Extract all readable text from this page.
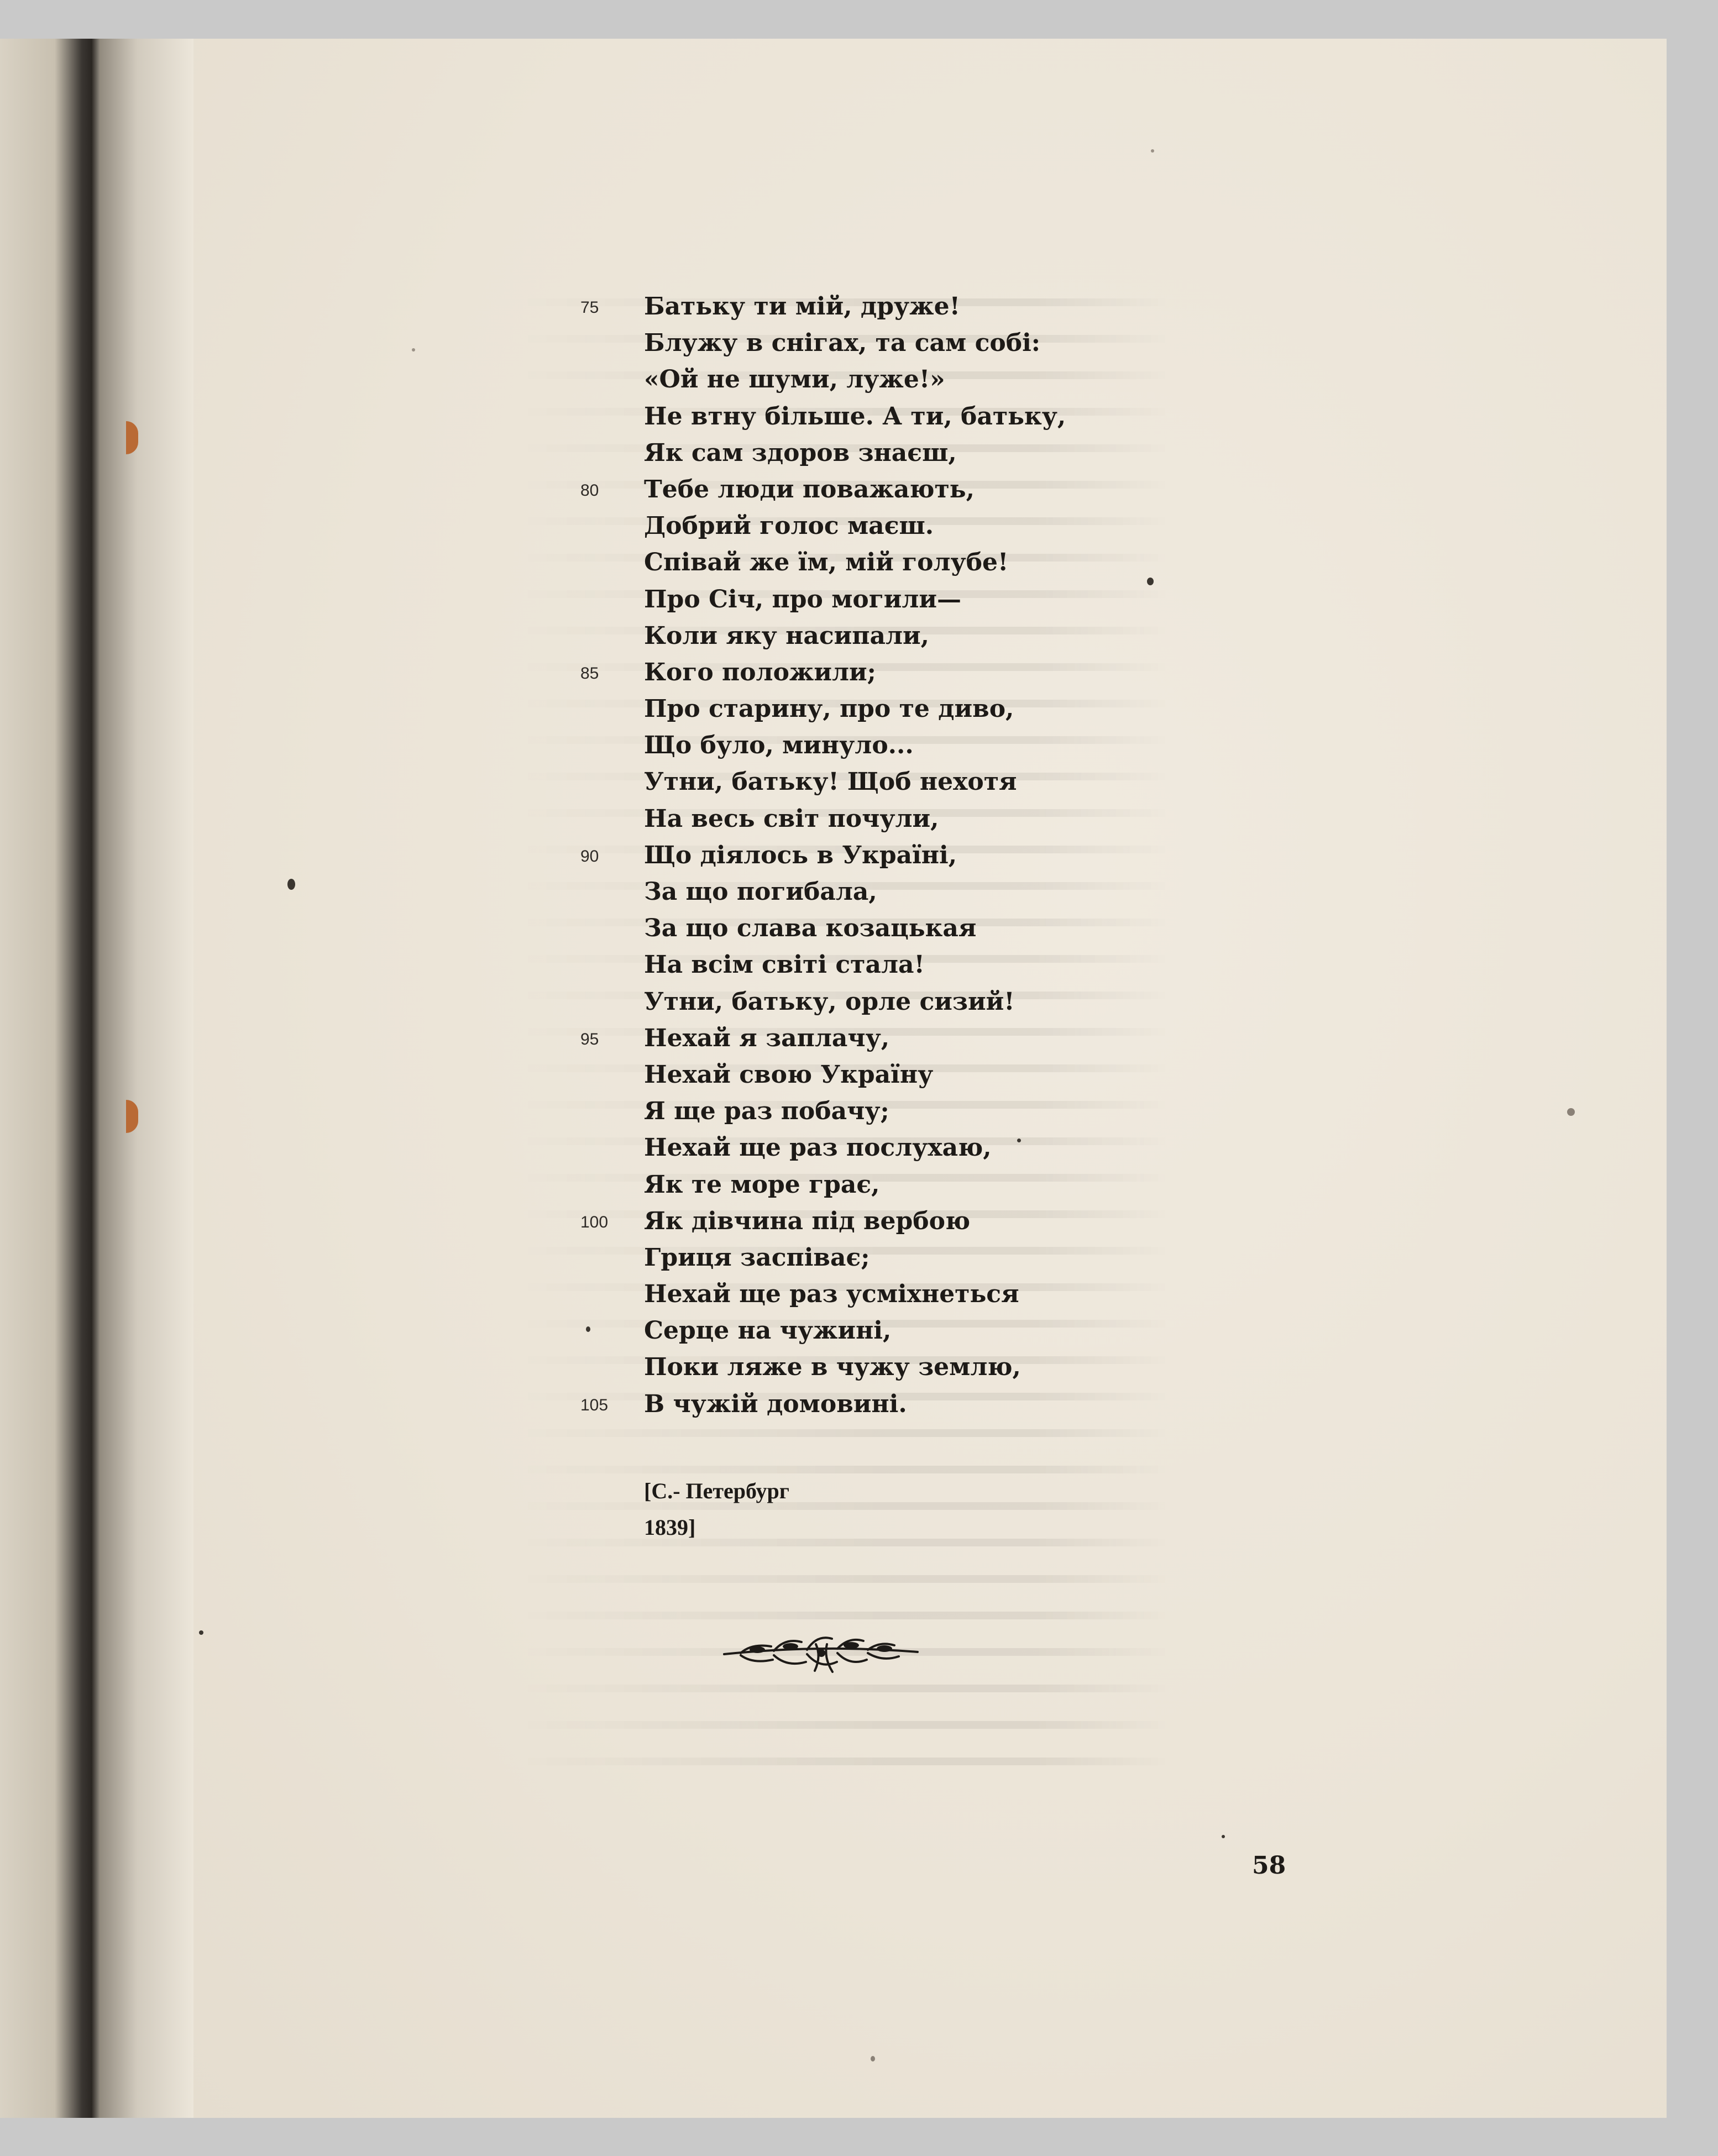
75	Батьку ти мій, друже!
Блужу в снігах, та сам собі:
«Ой не шуми, луже!»
Не втну більше. А ти, батьку,
Як сам здоров знаєш,
80	Тебе люди поважають,
Добрий голос маєш.
Співай же їм, мій голубе!
Про Січ, про могили—
Коли яку насипали,
85	Кого положили;
Про старину, про те диво,
Що було, минуло...
Утни, батьку! Щоб нехотя
На весь світ почули,
90	Що діялось в Україні,
За що погибала,
За що слава козацькая
На всім світі стала!
Утни, батьку, орле сизий!
95	Нехай я заплачу,
Нехай свою Україну
Я ще раз побачу;
Нехай ще раз послухаю,
Як те море грає,
100	Як дівчина під вербою
Гриця заспіває;
Нехай ще раз усміхнеться
Серце на чужині,
Поки ляже в чужу землю,
105	В чужій домовині.
[С.- Петербург
1839]
58
